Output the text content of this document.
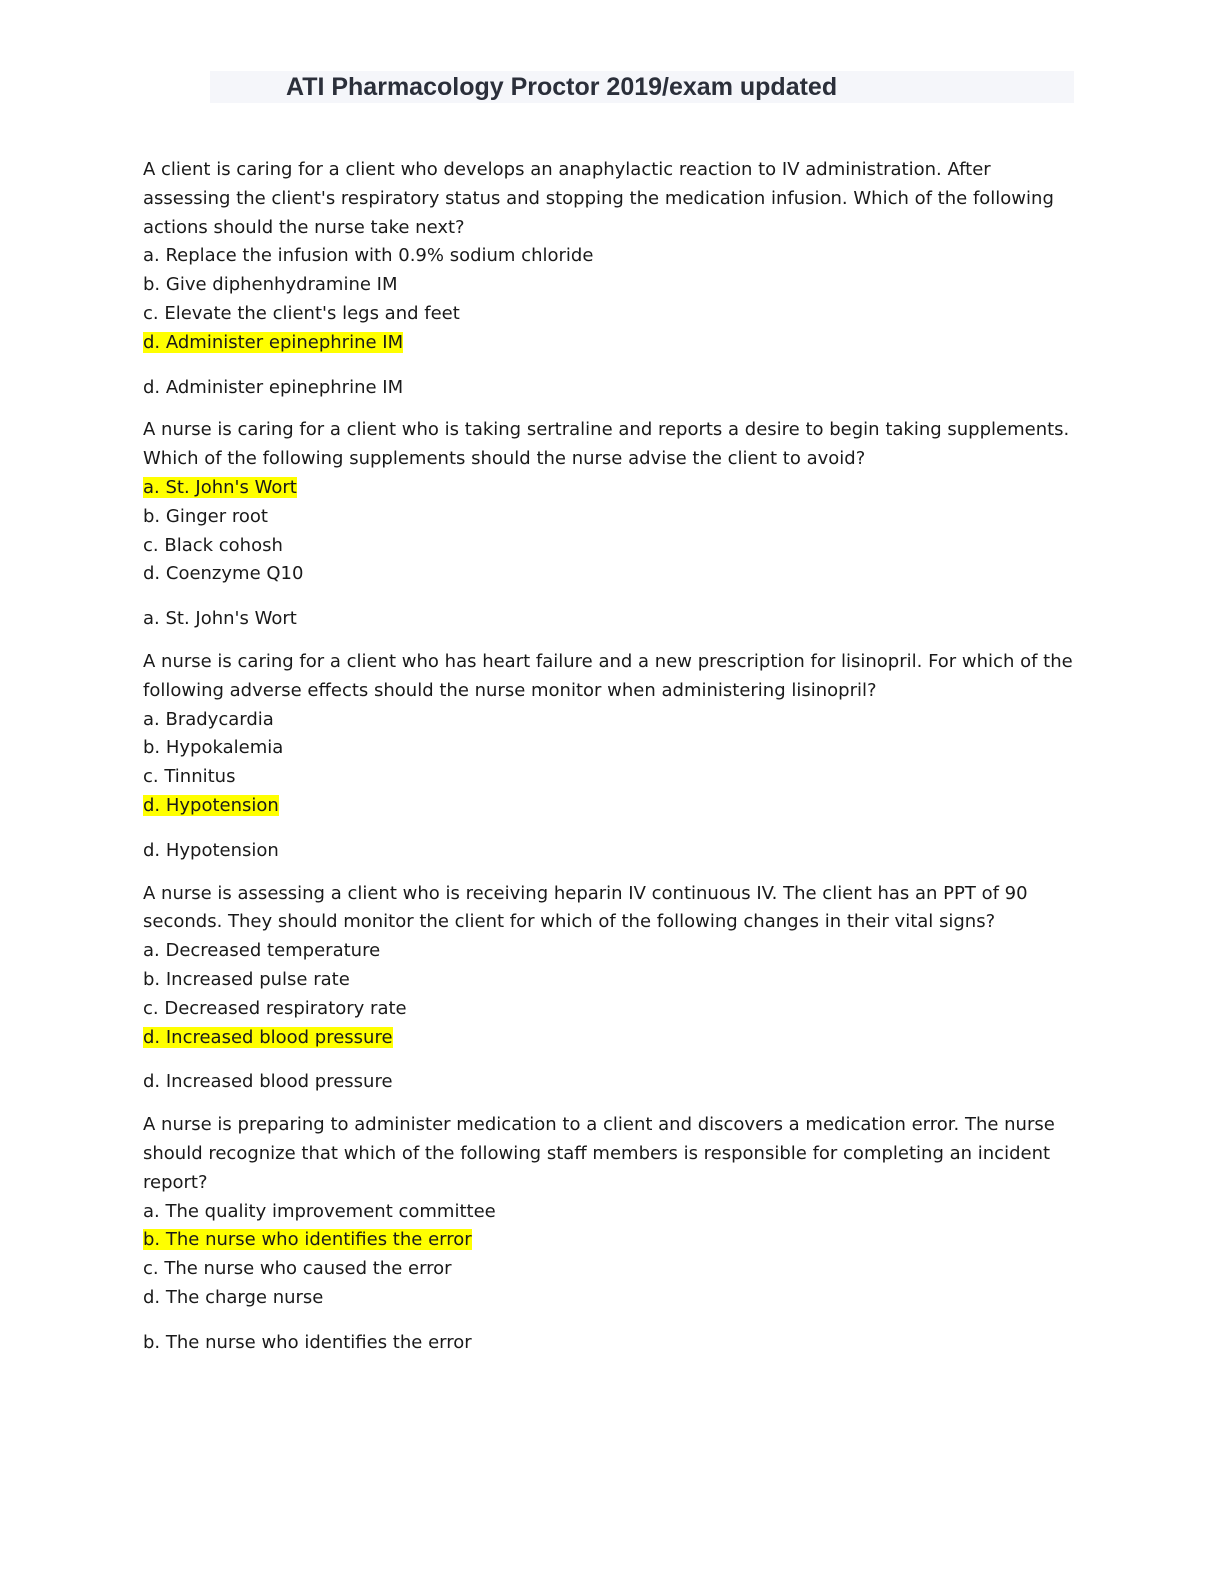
ATI Pharmacology Proctor 2019/exam updated

A client is caring for a client who develops an anaphylactic reaction to IV administration. After assessing the client's respiratory status and stopping the medication infusion. Which of the following actions should the nurse take next?

a. Replace the infusion with 0.9% sodium chloride

b. Give diphenhydramine IM

c. Elevate the client's legs and feet

d. Administer epinephrine IM

d. Administer epinephrine IM

A nurse is caring for a client who is taking sertraline and reports a desire to begin taking supplements. Which of the following supplements should the nurse advise the client to avoid?

a. St. John's Wort

b. Ginger root

c. Black cohosh

d. Coenzyme Q10

a. St. John's Wort

A nurse is caring for a client who has heart failure and a new prescription for lisinopril. For which of the following adverse effects should the nurse monitor when administering lisinopril?

a. Bradycardia

b. Hypokalemia

c. Tinnitus

d. Hypotension

d. Hypotension

A nurse is assessing a client who is receiving heparin IV continuous IV. The client has an PPT of 90 seconds. They should monitor the client for which of the following changes in their vital signs?

a. Decreased temperature

b. Increased pulse rate

c. Decreased respiratory rate

d. Increased blood pressure

d. Increased blood pressure

A nurse is preparing to administer medication to a client and discovers a medication error. The nurse should recognize that which of the following staff members is responsible for completing an incident report?

a. The quality improvement committee

b. The nurse who identifies the error

c. The nurse who caused the error

d. The charge nurse

b. The nurse who identifies the error
